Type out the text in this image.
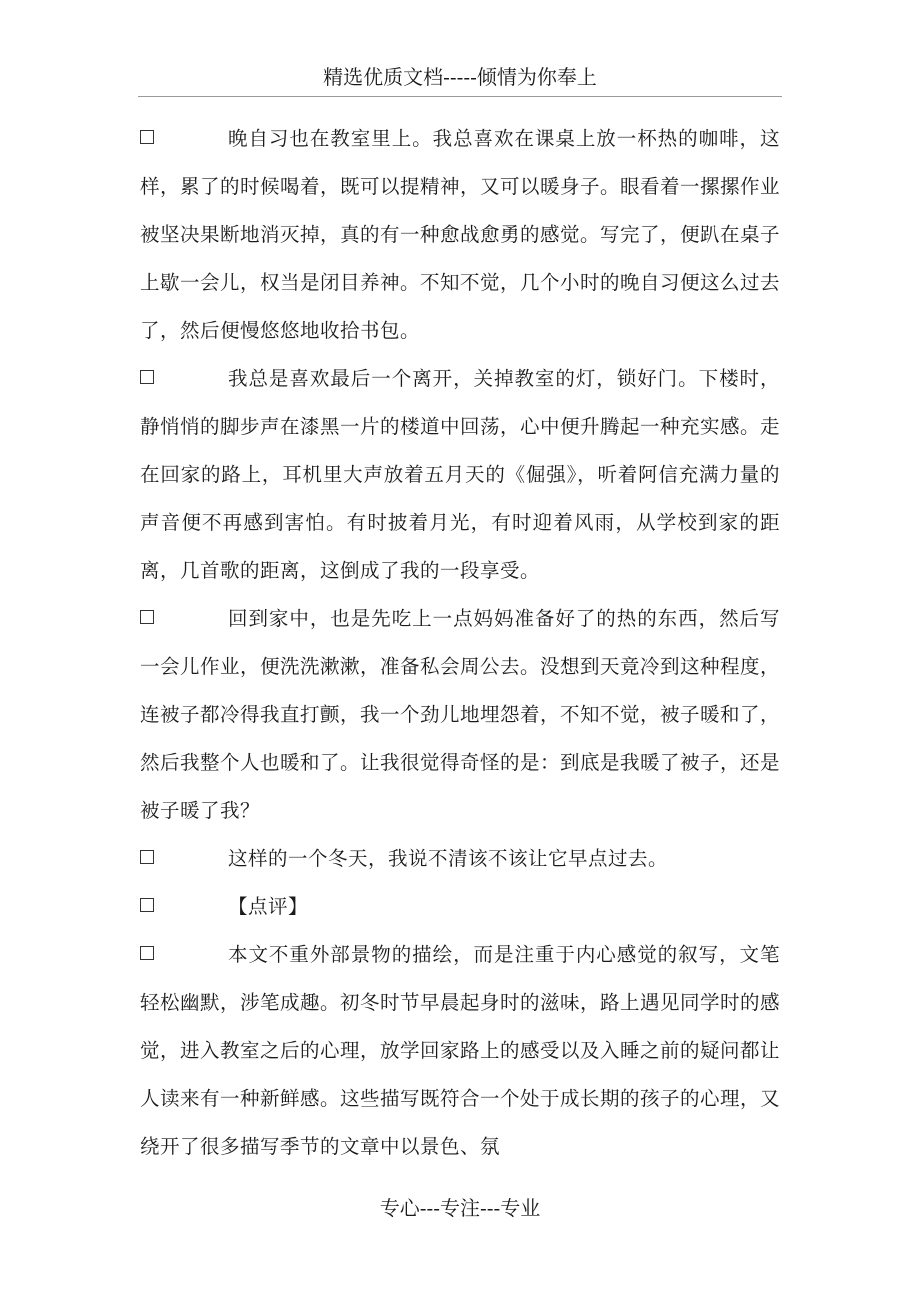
精选优质文档-----倾情为你奉上

晚自习也在教室里上。我总喜欢在课桌上放一杯热的咖啡，这样，累了的时候喝着，既可以提精神，又可以暖身子。眼看着一摞摞作业被坚决果断地消灭掉，真的有一种愈战愈勇的感觉。写完了，便趴在桌子上歇一会儿，权当是闭目养神。不知不觉，几个小时的晚自习便这么过去了，然后便慢悠悠地收拾书包。

我总是喜欢最后一个离开，关掉教室的灯，锁好门。下楼时，静悄悄的脚步声在漆黑一片的楼道中回荡，心中便升腾起一种充实感。走在回家的路上，耳机里大声放着五月天的《倔强》，听着阿信充满力量的声音便不再感到害怕。有时披着月光，有时迎着风雨，从学校到家的距离，几首歌的距离，这倒成了我的一段享受。

回到家中，也是先吃上一点妈妈准备好了的热的东西，然后写一会儿作业，便洗洗漱漱，准备私会周公去。没想到天竟冷到这种程度，连被子都冷得我直打颤，我一个劲儿地埋怨着，不知不觉，被子暖和了，然后我整个人也暖和了。让我很觉得奇怪的是：到底是我暖了被子，还是被子暖了我？

这样的一个冬天，我说不清该不该让它早点过去。

【点评】

本文不重外部景物的描绘，而是注重于内心感觉的叙写，文笔轻松幽默，涉笔成趣。初冬时节早晨起身时的滋味，路上遇见同学时的感觉，进入教室之后的心理，放学回家路上的感受以及入睡之前的疑问都让人读来有一种新鲜感。这些描写既符合一个处于成长期的孩子的心理，又绕开了很多描写季节的文章中以景色、氛

专心---专注---专业
